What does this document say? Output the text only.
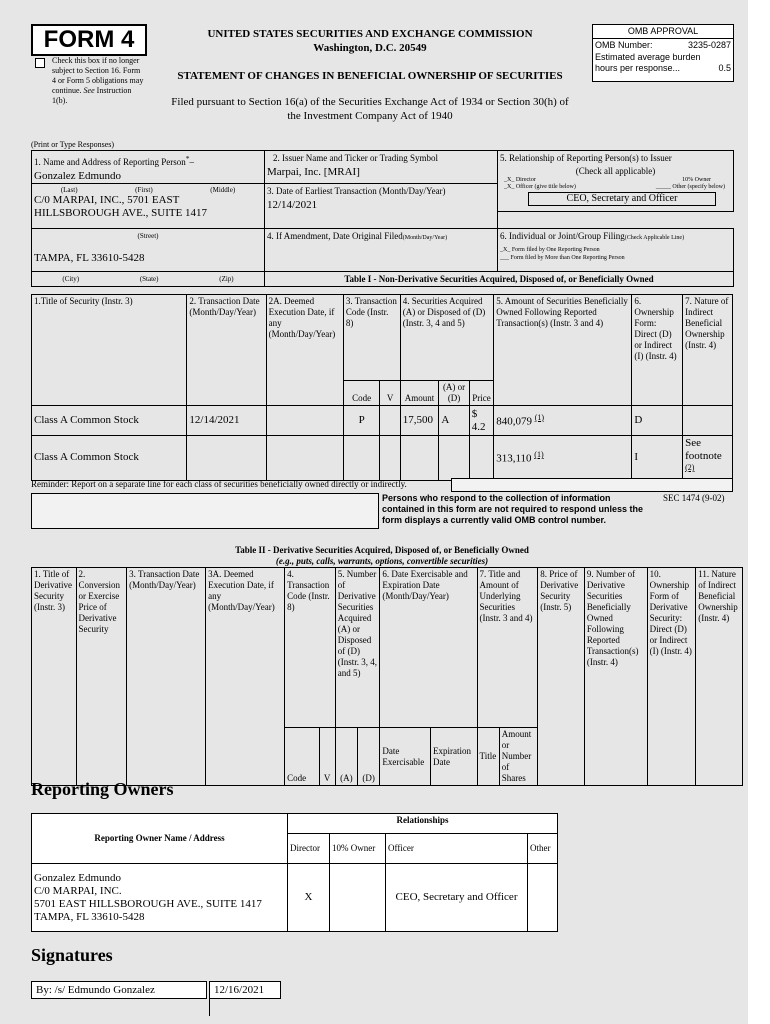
FORM 4
Check this box if no longer subject to Section 16. Form 4 or Form 5 obligations may continue. See Instruction 1(b).
UNITED STATES SECURITIES AND EXCHANGE COMMISSION
Washington, D.C. 20549
STATEMENT OF CHANGES IN BENEFICIAL OWNERSHIP OF SECURITIES
Filed pursuant to Section 16(a) of the Securities Exchange Act of 1934 or Section 30(h) of
the Investment Company Act of 1940
OMB APPROVAL
OMB Number:	3235-0287
Estimated average burden
hours per response...	0.5
(Print or Type Responses)
1. Name and Address of Reporting Person*–
Gonzalez Edmundo
(Last)	(First)	(Middle)
C/0 MARPAI, INC., 5701 EAST
HILLSBOROUGH AVE., SUITE 1417
(Street)
TAMPA, FL 33610-5428
(City)	(State)	(Zip)
2. Issuer Name and Ticker or Trading Symbol
Marpai, Inc. [MRAI]
3. Date of Earliest Transaction (Month/Day/Year)
12/14/2021
4. If Amendment, Date Original Filed(Month/Day/Year)
5. Relationship of Reporting Person(s) to Issuer
(Check all applicable)
_X_ Director	10% Owner
_X_ Officer (give title below)	_____ Other (specify below)
CEO, Secretary and Officer
6. Individual or Joint/Group Filing(Check Applicable Line)
_X_ Form filed by One Reporting Person
___ Form filed by More than One Reporting Person
Table I - Non-Derivative Securities Acquired, Disposed of, or Beneficially Owned
1.Title of Security (Instr. 3)	2. Transaction Date (Month/Day/Year)	2A. Deemed Execution Date, if any (Month/Day/Year)	3. Transaction Code (Instr. 8)		4. Securities Acquired (A) or Disposed of (D) (Instr. 3, 4 and 5)			5. Amount of Securities Beneficially Owned Following Reported Transaction(s) (Instr. 3 and 4)	6. Ownership Form: Direct (D) or Indirect (I) (Instr. 4)	7. Nature of Indirect Beneficial Ownership (Instr. 4)
			Code	V	Amount	(A) or (D)	Price			
Class A Common Stock	12/14/2021		P		17,500	A	$ 4.2	840,079 $^{(1)}$	D	
Class A Common Stock								313,110 $^{(1)}$	I	See footnote
$^{(2)}$
Reminder: Report on a separate line for each class of securities beneficially owned directly or indirectly.
Persons who respond to the collection of information contained in this form are not required to respond unless the form displays a currently valid OMB control number.
SEC 1474 (9-02)
Table II - Derivative Securities Acquired, Disposed of, or Beneficially Owned
(e.g., puts, calls, warrants, options, convertible securities)
1. Title of Derivative Security (Instr. 3)	2. Conversion or Exercise Price of Derivative Security	3. Transaction Date (Month/Day/Year)	3A. Deemed Execution Date, if any (Month/Day/Year)	4. Transaction Code (Instr. 8)		5. Number of Derivative Securities Acquired (A) or Disposed of (D) (Instr. 3, 4, and 5)		6. Date Exercisable and Expiration Date (Month/Day/Year)		7. Title and Amount of Underlying Securities (Instr. 3 and 4)		8. Price of Derivative Security (Instr. 5)	9. Number of Derivative Securities Beneficially Owned Following Reported Transaction(s) (Instr. 4)	10. Ownership Form of Derivative Security: Direct (D) or Indirect (I) (Instr. 4)	11. Nature of Indirect Beneficial Ownership (Instr. 4)
				Code	V	(A)	(D)	Date Exercisable	Expiration Date	Title	Amount or Number of Shares				
Reporting Owners
Reporting Owner Name / Address	Relationships			
	Director	10% Owner	Officer	Other

Gonzalez Edmundo
C/0 MARPAI, INC.
5701 EAST HILLSBOROUGH AVE., SUITE 1417
TAMPA, FL 33610-5428	X		CEO, Secretary and Officer	
Signatures
By: /s/ Edmundo Gonzalez	12/16/2021
